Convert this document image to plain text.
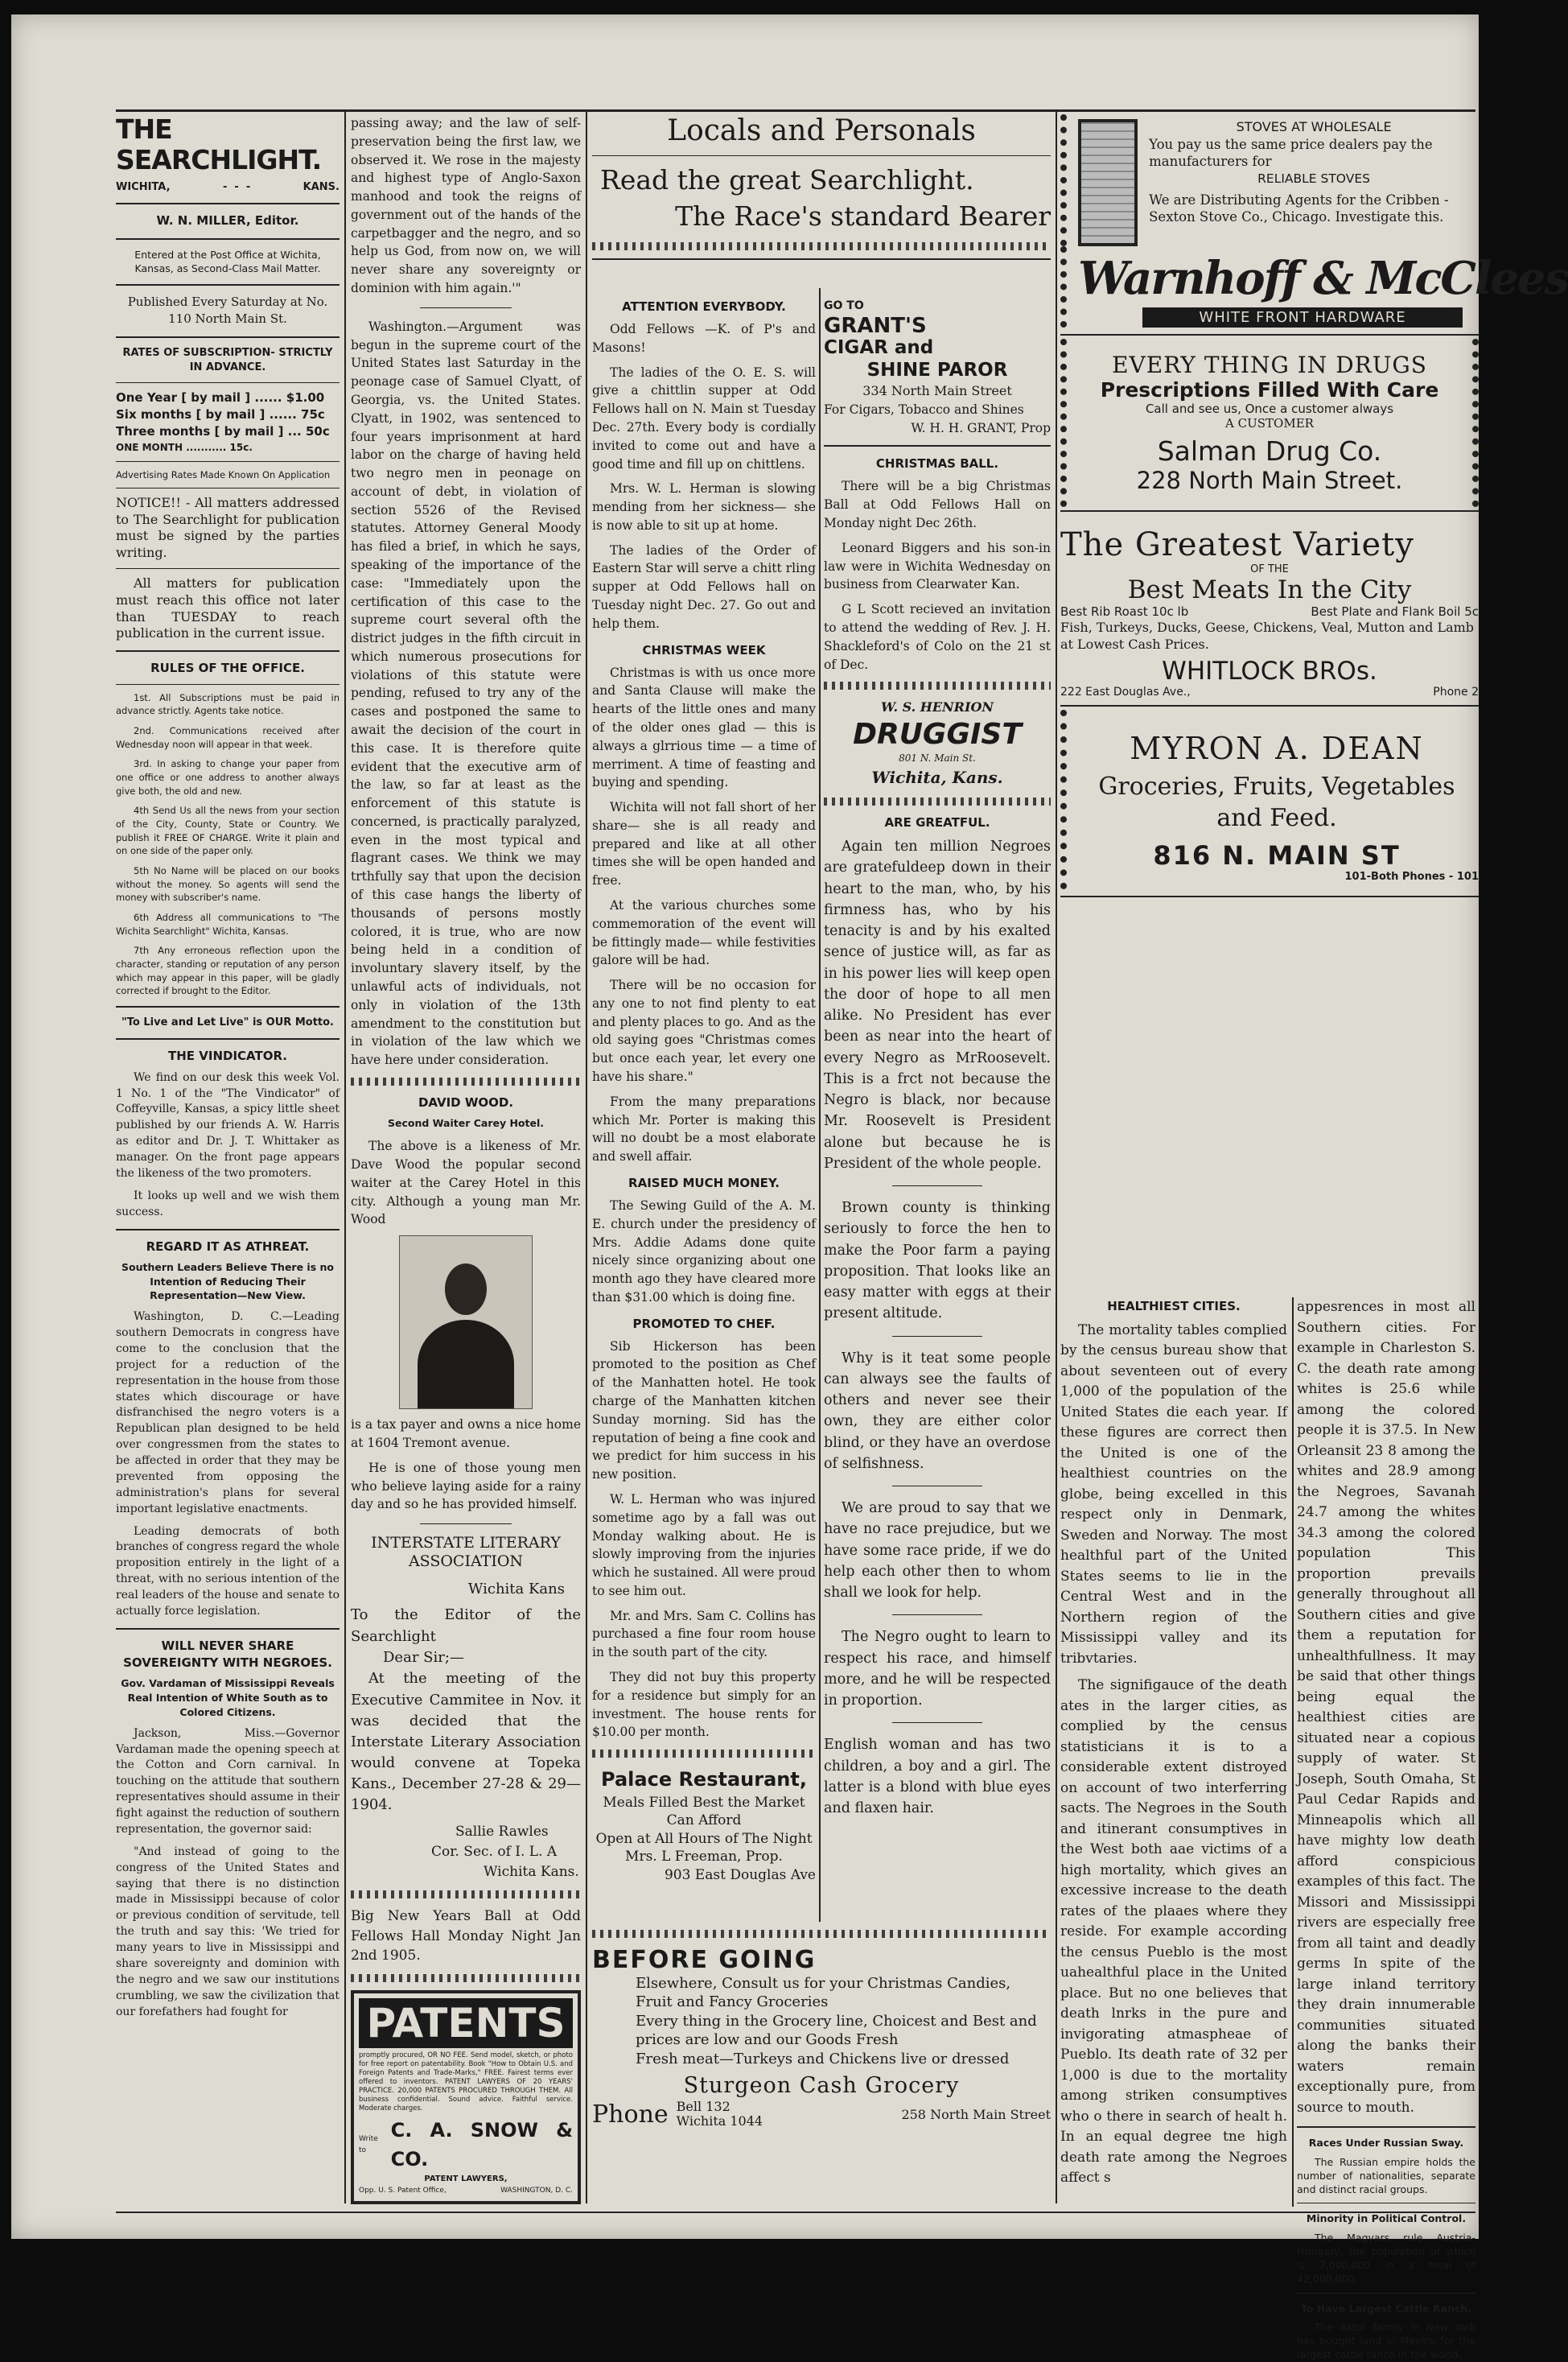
THE SEARCHLIGHT.
WICHITA,	-  -  -	KANS.
W. N. MILLER, Editor.

Entered at the Post Office at Wichita, Kansas, as Second-Class Mail Matter.

Published Every Saturday at No. 110 North Main St.

RATES OF SUBSCRIPTION- STRICTLY IN ADVANCE.
One Year [ by mail ] ...... $1.00
Six months [ by mail ] ...... 75c
Three months [ by mail ] ... 50c
ONE MONTH ........... 15c.
Advertising Rates Made Known On Application

NOTICE!! - All matters addressed to The Searchlight for publication must be signed by the parties writing.

All matters for publication must reach this office not later than TUESDAY to reach publication in the current issue.

RULES OF THE OFFICE.

1st. All Subscriptions must be paid in advance strictly. Agents take notice.

2nd. Communications received after Wednesday noon will appear in that week.

3rd. In asking to change your paper from one office or one address to another always give both, the old and new.

4th Send Us all the news from your section of the City, County, State or Country. We publish it FREE OF CHARGE. Write it plain and on one side of the paper only.

5th No Name will be placed on our books without the money. So agents will send the money with subscriber's name.

6th Address all communications to "The Wichita Searchlight" Wichita, Kansas.

7th Any erroneous reflection upon the character, standing or reputation of any person which may appear in this paper, will be gladly corrected if brought to the Editor.

"To Live and Let Live" is OUR Motto.
THE VINDICATOR.

We find on our desk this week Vol. 1 No. 1 of the "The Vindicator" of Coffeyville, Kansas, a spicy little sheet published by our friends A. W. Harris as editor and Dr. J. T. Whittaker as manager. On the front page appears the likeness of the two promoters.

It looks up well and we wish them success.

REGARD IT AS ATHREAT.
Southern Leaders Believe There is no Intention of Reducing Their Representation—New View.

Washington, D. C.—Leading southern Democrats in congress have come to the conclusion that the project for a reduction of the representation in the house from those states which discourage or have disfranchised the negro voters is a Republican plan designed to be held over congressmen from the states to be affected in order that they may be prevented from opposing the administration's plans for several important legislative enactments.

Leading democrats of both branches of congress regard the whole proposition entirely in the light of a threat, with no serious intention of the real leaders of the house and senate to actually force legislation.

WILL NEVER SHARE SOVEREIGNTY WITH NEGROES.
Gov. Vardaman of Mississippi Reveals Real Intention of White South as to Colored Citizens.

Jackson, Miss.—Governor Vardaman made the opening speech at the Cotton and Corn carnival. In touching on the attitude that southern representatives should assume in their fight against the reduction of southern representation, the governor said:

"And instead of going to the congress of the United States and saying that there is no distinction made in Mississippi because of color or previous condition of servitude, tell the truth and say this: 'We tried for many years to live in Mississippi and share sovereignty and dominion with the negro and we saw our institutions crumbling, we saw the civilization that our forefathers had fought for

passing away; and the law of self-preservation being the first law, we observed it. We rose in the majesty and highest type of Anglo-Saxon manhood and took the reigns of government out of the hands of the carpetbagger and the negro, and so help us God, from now on, we will never share any sovereignty or dominion with him again.'"

Washington.—Argument was begun in the supreme court of the United States last Saturday in the peonage case of Samuel Clyatt, of Georgia, vs. the United States. Clyatt, in 1902, was sentenced to four years imprisonment at hard labor on the charge of having held two negro men in peonage on account of debt, in violation of section 5526 of the Revised statutes. Attorney General Moody has filed a brief, in which he says, speaking of the importance of the case: "Immediately upon the certification of this case to the supreme court several ofth the district judges in the fifth circuit in which numerous prosecutions for violations of this statute were pending, refused to try any of the cases and postponed the same to await the decision of the court in this case. It is therefore quite evident that the executive arm of the law, so far at least as the enforcement of this statute is concerned, is practically paralyzed, even in the most typical and flagrant cases. We think we may trthfully say that upon the decision of this case hangs the liberty of thousands of persons mostly colored, it is true, who are now being held in a condition of involuntary slavery itself, by the unlawful acts of individuals, not only in violation of the 13th amendment to the constitution but in violation of the law which we have here under consideration.

DAVID WOOD.
Second Waiter Carey Hotel.

The above is a likeness of Mr. Dave Wood the popular second waiter at the Carey Hotel in this city. Although a young man Mr. Wood

is a tax payer and owns a nice home at 1604 Tremont avenue.

He is one of those young men who believe laying aside for a rainy day and so he has provided himself.

INTERSTATE LITERARY ASSOCIATION
Wichita Kans
To the Editor of the Searchlight
Dear Sir;—

At the meeting of the Executive Cammitee in Nov. it was decided that the Interstate Literary Association would convene at Topeka Kans., December 27-28 & 29—1904.

Sallie Rawles
Cor. Sec. of I. L. A
Wichita Kans.

Big New Years Ball at Odd Fellows Hall Monday Night Jan 2nd 1905.

PATENTS
promptly procured, OR NO FEE. Send model, sketch, or photo for free report on patentability. Book "How to Obtain U.S. and Foreign Patents and Trade-Marks," FREE. Fairest terms ever offered to inventors. PATENT LAWYERS OF 20 YEARS' PRACTICE. 20,000 PATENTS PROCURED THROUGH THEM. All business confidential. Sound advice. Faithful service. Moderate charges.
Write to
C. A. SNOW & CO.
PATENT LAWYERS,
Opp. U. S. Patent Office,	WASHINGTON, D. C.
Locals and Personals
Read the great Searchlight.
The Race's standard Bearer
ATTENTION EVERYBODY.

Odd Fellows —K. of P's and Masons!

The ladies of the O. E. S. will give a chittlin supper at Odd Fellows hall on N. Main st Tuesday Dec. 27th. Every body is cordially invited to come out and have a good time and fill up on chittlens.

Mrs. W. L. Herman is slowing mending from her sickness— she is now able to sit up at home.

The ladies of the Order of Eastern Star will serve a chitt rling supper at Odd Fellows hall on Tuesday night Dec. 27. Go out and help them.

CHRISTMAS WEEK

Christmas is with us once more and Santa Clause will make the hearts of the little ones and many of the older ones glad — this is always a glrrious time — a time of merriment. A time of feasting and buying and spending.

Wichita will not fall short of her share— she is all ready and prepared and like at all other times she will be open handed and free.

At the various churches some commemoration of the event will be fittingly made— while festivities galore will be had.

There will be no occasion for any one to not find plenty to eat and plenty places to go. And as the old saying goes "Christmas comes but once each year, let every one have his share."

From the many preparations which Mr. Porter is making this will no doubt be a most elaborate and swell affair.

RAISED MUCH MONEY.

The Sewing Guild of the A. M. E. church under the presidency of Mrs. Addie Adams done quite nicely since organizing about one month ago they have cleared more than $31.00 which is doing fine.

PROMOTED TO CHEF.

Sib Hickerson has been promoted to the position as Chef of the Manhatten hotel. He took charge of the Manhatten kitchen Sunday morning. Sid has the reputation of being a fine cook and we predict for him success in his new position.

W. L. Herman who was injured sometime ago by a fall was out Monday walking about. He is slowly improving from the injuries which he sustained. All were proud to see him out.

Mr. and Mrs. Sam C. Collins has purchased a fine four room house in the south part of the city.

They did not buy this property for a residence but simply for an investment. The house rents for $10.00 per month.

Palace Restaurant,
Meals Filled Best the Market Can Afford
Open at All Hours of The Night
Mrs. L Freeman, Prop.
903 East Douglas Ave
GO TO
GRANT'S
CIGAR and
SHINE PAROR
334 North Main Street
For Cigars, Tobacco and Shines
W. H. H. GRANT, Prop
CHRISTMAS BALL.

There will be a big Christmas Ball at Odd Fellows Hall on Monday night Dec 26th.

Leonard Biggers and his son-in law were in Wichita Wednesday on business from Clearwater Kan.

G L Scott recieved an invitation to attend the wedding of Rev. J. H. Shackleford's of Colo on the 21 st of Dec.

W. S. HENRION
DRUGGIST
801 N. Main St.
Wichita, Kans.
ARE GREATFUL.

Again ten million Negroes are gratefuldeep down in their heart to the man, who, by his firmness has, who by his tenacity is and by his exalted sence of justice will, as far as in his power lies will keep open the door of hope to all men alike. No President has ever been as near into the heart of every Negro as MrRoosevelt. This is a frct not because the Negro is black, nor because Mr. Roosevelt is President alone but because he is President of the whole people.

Brown county is thinking seriously to force the hen to make the Poor farm a paying proposition. That looks like an easy matter with eggs at their present altitude.

Why is it teat some people can always see the faults of others and never see their own, they are either color blind, or they have an overdose of selfishness.

We are proud to say that we have no race prejudice, but we have some race pride, if we do help each other then to whom shall we look for help.

The Negro ought to learn to respect his race, and himself more, and he will be respected in proportion.

English woman and has two children, a boy and a girl. The latter is a blond with blue eyes and flaxen hair.

BEFORE GOING
Elsewhere, Consult us for your Christmas Candies, Fruit and Fancy Groceries
Every thing in the Grocery line, Choicest and Best and prices are low and our Goods Fresh
Fresh meat—Turkeys and Chickens live or dressed
Sturgeon Cash Grocery
Phone Bell 132
Wichita 1044	258 North Main Street
STOVES AT WHOLESALE
You pay us the same price dealers pay the manufacturers for
RELIABLE STOVES
We are Distributing Agents for the Cribben - Sexton Stove Co., Chicago. Investigate this.
Warnhoff & McClees
WHITE FRONT HARDWARE
EVERY THING IN DRUGS
Prescriptions Filled With Care
Call and see us, Once a customer always
A CUSTOMER
Salman Drug Co.
228 North Main Street.
The Greatest Variety
OF THE
Best Meats In the City
Best Rib Roast 10c lb	Best Plate and Flank Boil 5c
Fish, Turkeys, Ducks, Geese, Chickens, Veal, Mutton and Lamb at Lowest Cash Prices.
WHITLOCK BROs.
222 East Douglas Ave.,	Phone 2
MYRON A. DEAN
Groceries, Fruits, Vegetables
and Feed.
816 N. MAIN ST
101-Both Phones - 101
HEALTHIEST CITIES.

The mortality tables complied by the census bureau show that about seventeen out of every 1,000 of the population of the United States die each year. If these figures are correct then the United is one of the healthiest countries on the globe, being excelled in this respect only in Denmark, Sweden and Norway. The most healthful part of the United States seems to lie in the Central West and in the Northern region of the Mississippi valley and its tribvtaries.

The signifigauce of the death ates in the larger cities, as complied by the census statisticians it is to a considerable extent distroyed on account of two interferring sacts. The Negroes in the South and itinerant consumptives in the West both aae victims of a high mortality, which gives an excessive increase to the death rates of the plaaes where they reside. For example according the census Pueblo is the most uahealthful place in the United place. But no one believes that death lnrks in the pure and invigorating atmaspheae of Pueblo. Its death rate of 32 per 1,000 is due to the mortality among striken consumptives who o there in search of healt h. In an equal degree tne high death rate among the Negroes affect s

appesrences in most all Southern cities. For example in Charleston S. C. the death rate among whites is 25.6 while among the colored people it is 37.5. In New Orleansit 23 8 among the whites and 28.9 among the Negroes, Savanah 24.7 among the whites 34.3 among the colored population This proportion prevails generally throughout all Southern cities and give them a reputation for unhealthfullness. It may be said that other things being equal the healthiest cities are situated near a copious supply of water. St Joseph, South Omaha, St Paul Cedar Rapids and Minneapolis which all have mighty low death afford conspicious examples of this fact. The Missori and Mississippi rivers are especially free from all taint and deadly germs In spite of the large inland territory they drain innumerable communities situated along the banks their waters remain exceptionally pure, from source to mouth.

Races Under Russian Sway.

The Russian empire holds the number of nationalities, separate and distinct racial groups.

Minority in Political Control.

The Magyars rule Austria-Hungary, the population of which is 7,000,000 in a total of 42,000,000.

To Have Largest Cattle Ranch.

The Astor family in New York has bought land in Mexico for the largest cattle ranch in the world.
